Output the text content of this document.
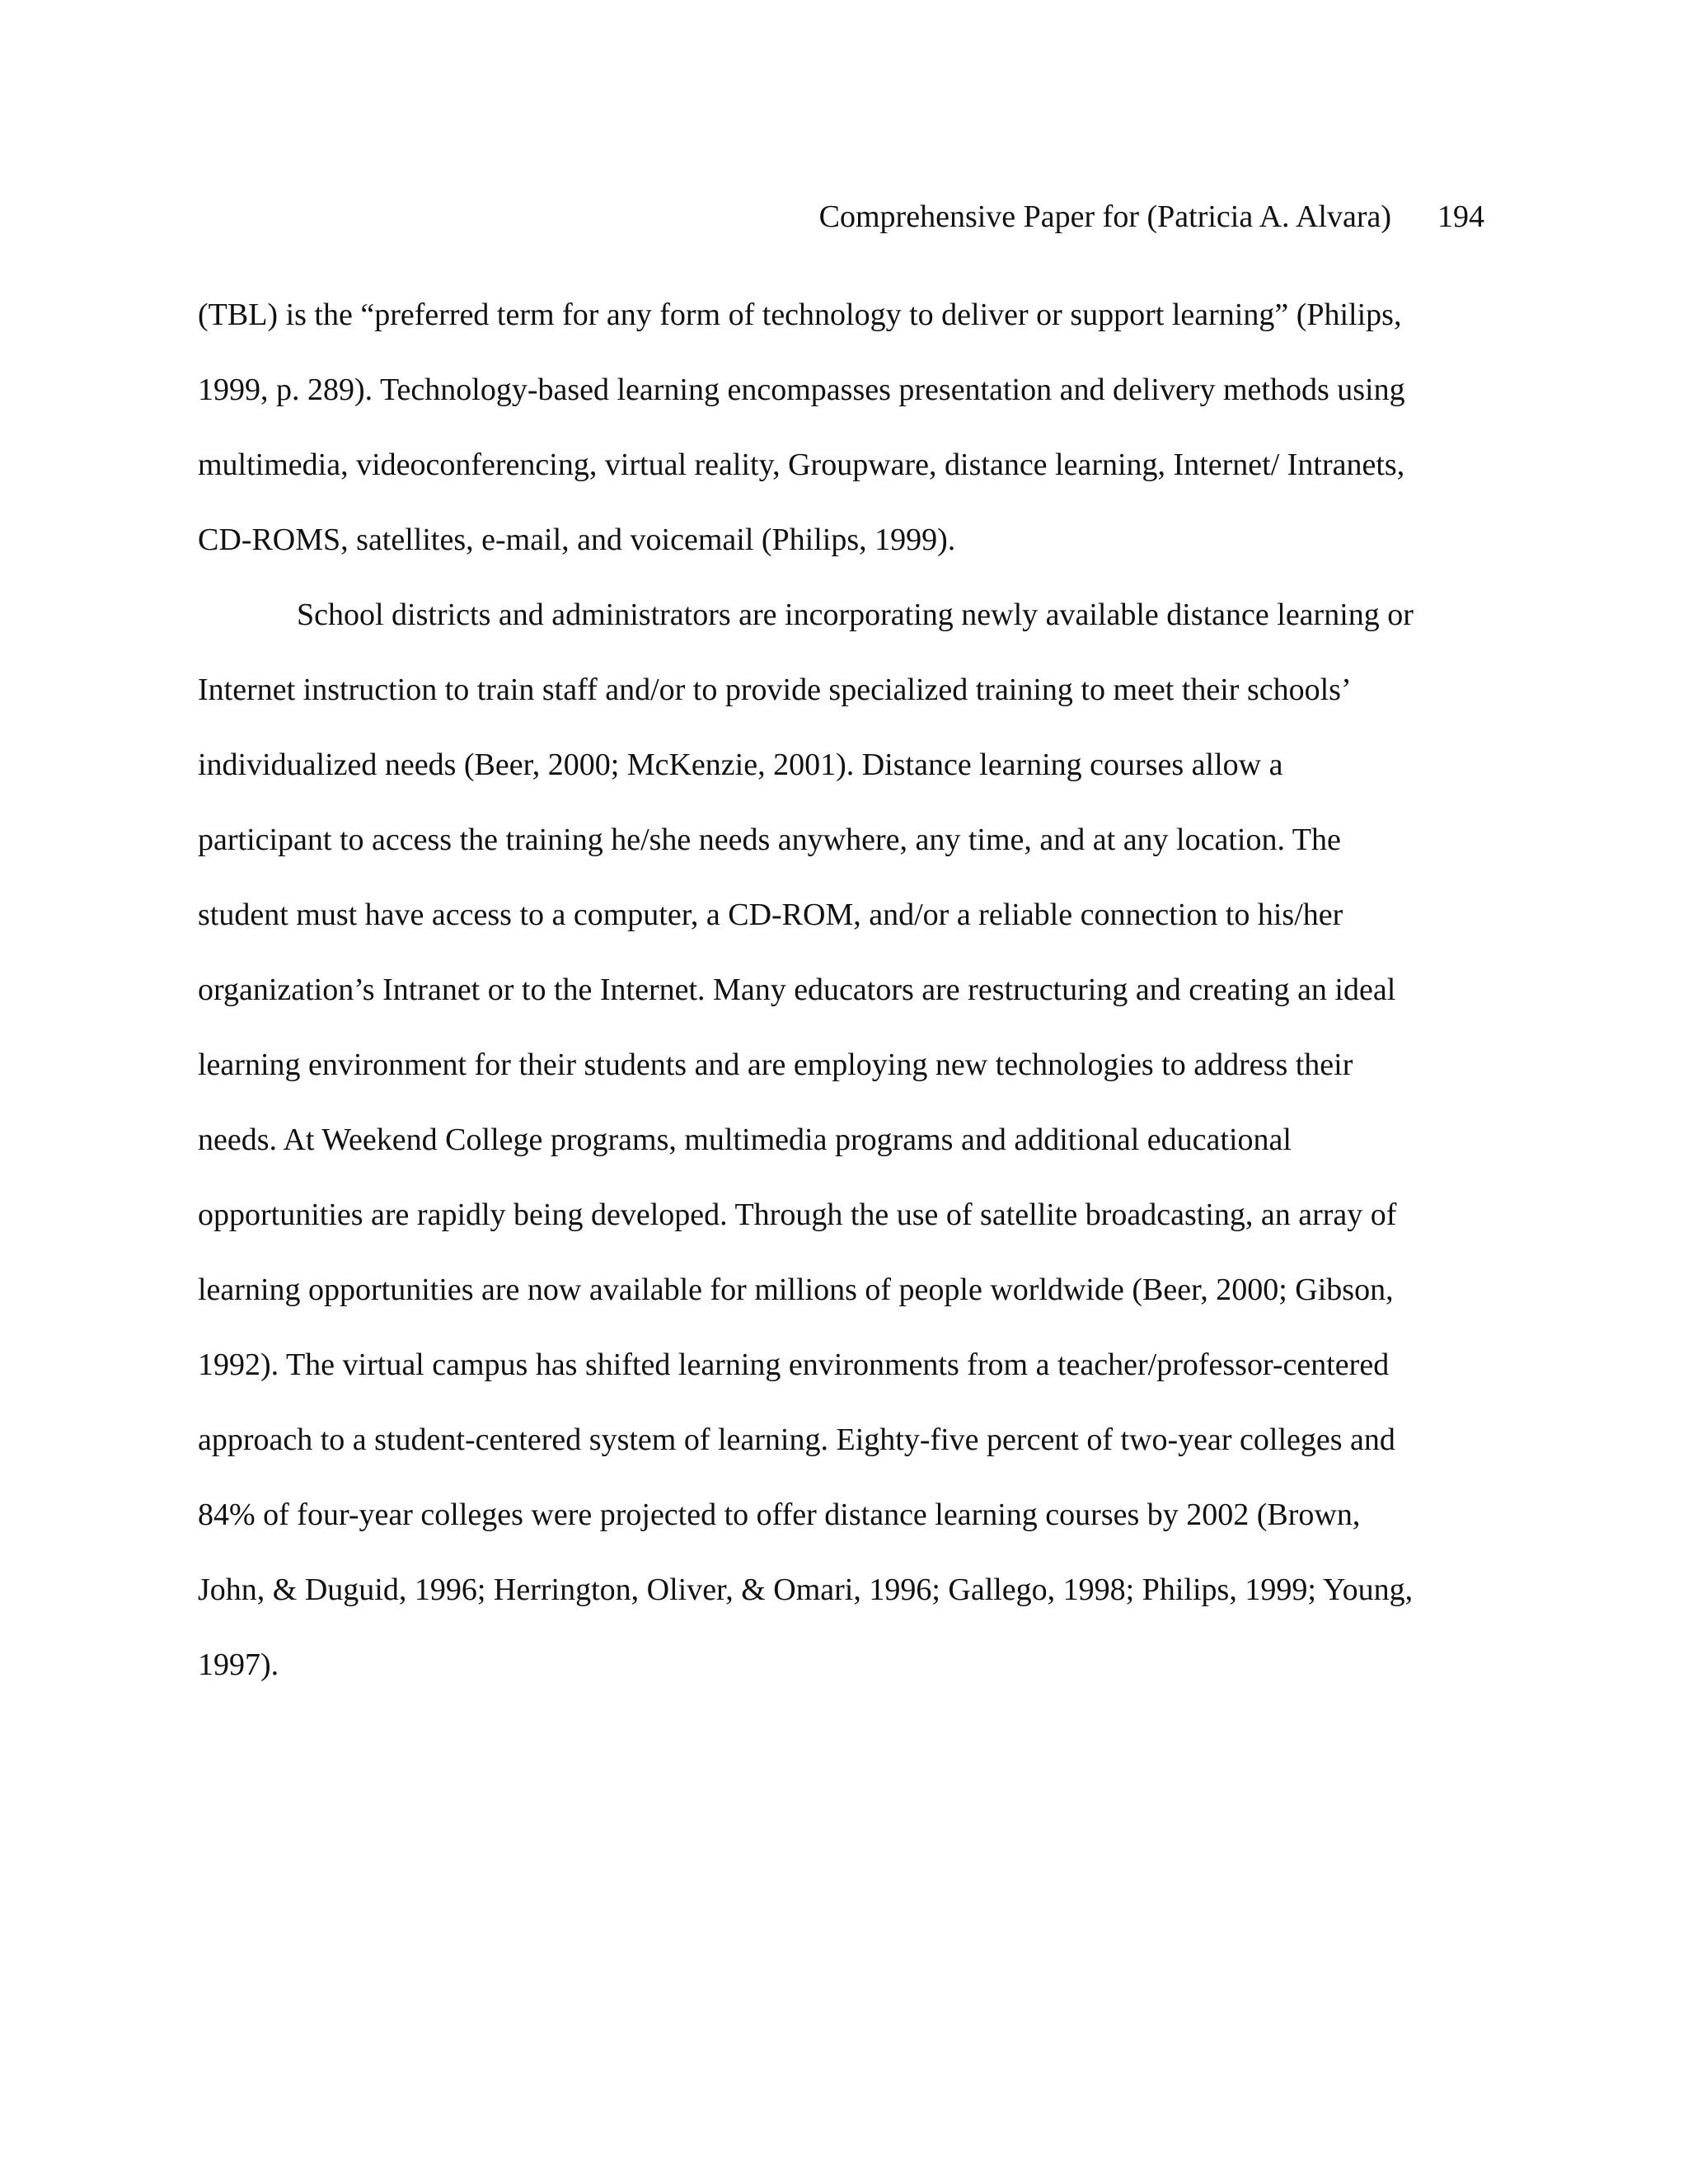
Comprehensive Paper for (Patricia A. Alvara) 194
(TBL) is the “preferred term for any form of technology to deliver or support learning” (Philips,
1999, p. 289). Technology-based learning encompasses presentation and delivery methods using
multimedia, videoconferencing, virtual reality, Groupware, distance learning, Internet/ Intranets,
CD-ROMS, satellites, e-mail, and voicemail (Philips, 1999).
School districts and administrators are incorporating newly available distance learning or
Internet instruction to train staff and/or to provide specialized training to meet their schools’
individualized needs (Beer, 2000; McKenzie, 2001). Distance learning courses allow a
participant to access the training he/she needs anywhere, any time, and at any location. The
student must have access to a computer, a CD-ROM, and/or a reliable connection to his/her
organization’s Intranet or to the Internet. Many educators are restructuring and creating an ideal
learning environment for their students and are employing new technologies to address their
needs. At Weekend College programs, multimedia programs and additional educational
opportunities are rapidly being developed. Through the use of satellite broadcasting, an array of
learning opportunities are now available for millions of people worldwide (Beer, 2000; Gibson,
1992). The virtual campus has shifted learning environments from a teacher/professor-centered
approach to a student-centered system of learning. Eighty-five percent of two-year colleges and
84% of four-year colleges were projected to offer distance learning courses by 2002 (Brown,
John, & Duguid, 1996; Herrington, Oliver, & Omari, 1996; Gallego, 1998; Philips, 1999; Young,
1997).
